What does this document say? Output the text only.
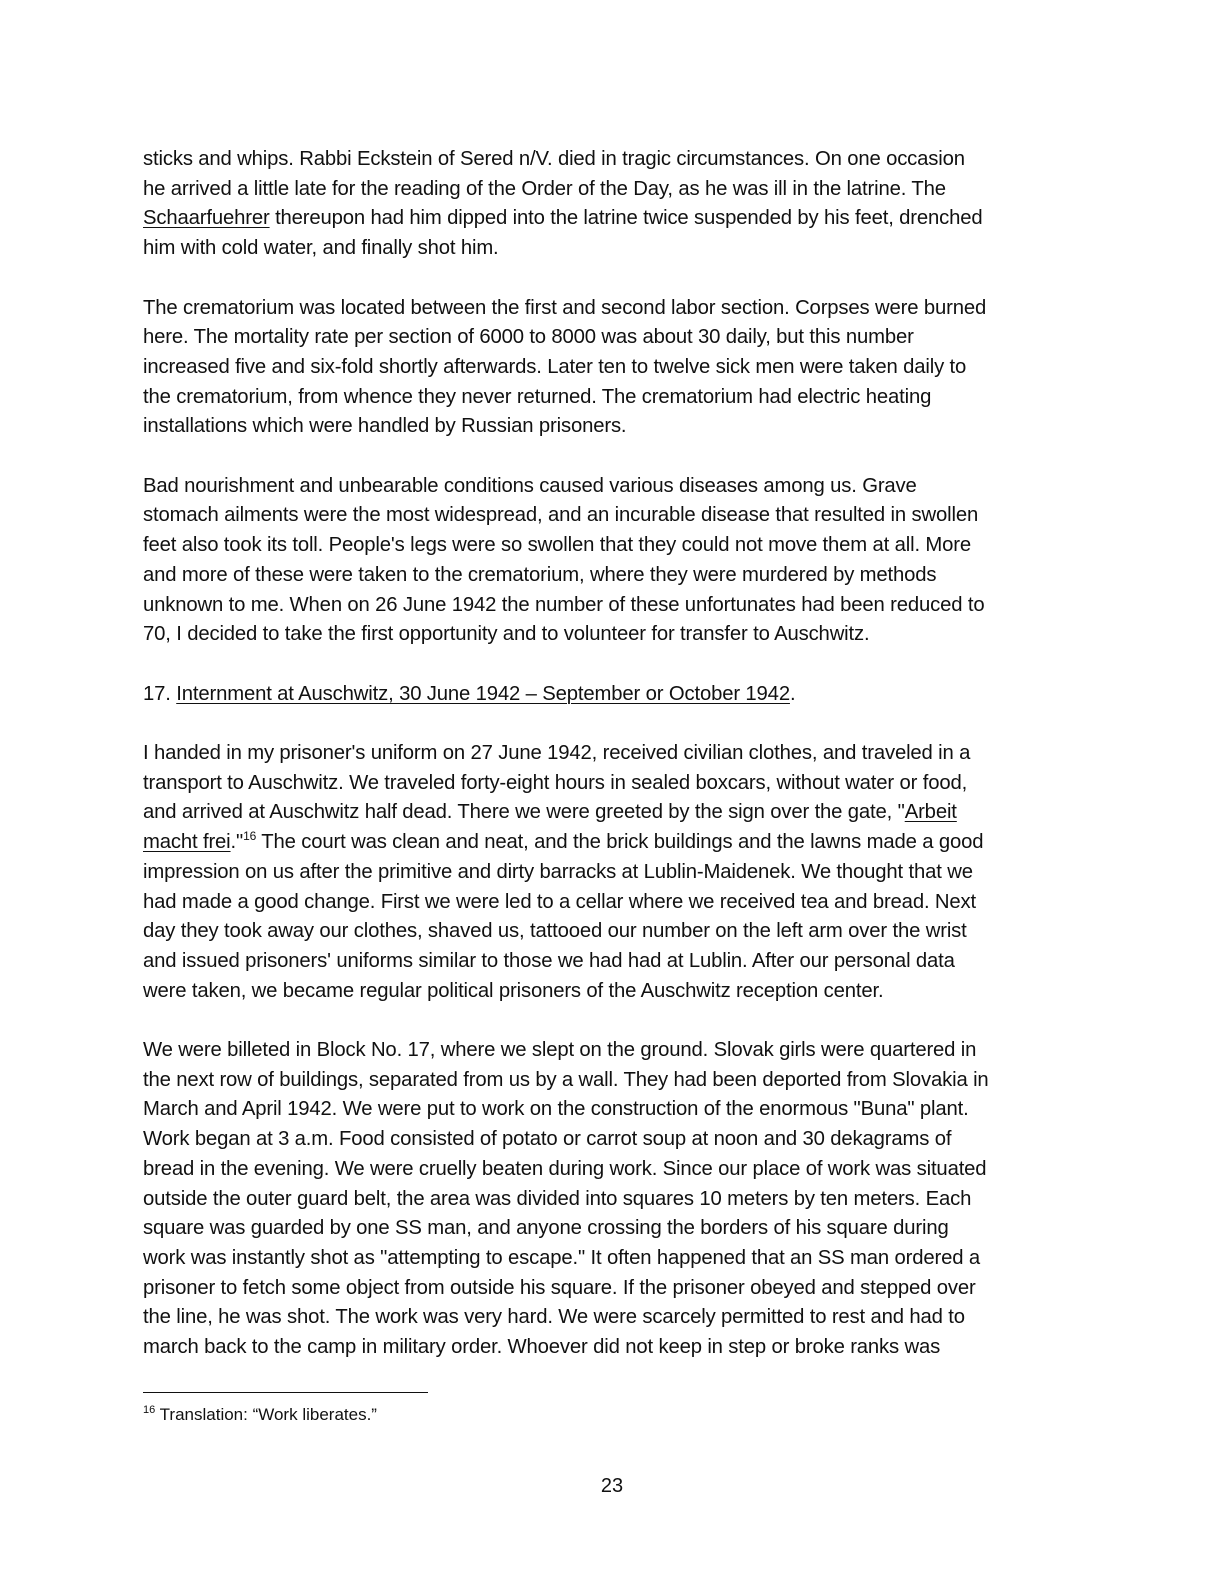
sticks and whips. Rabbi Eckstein of Sered n/V. died in tragic circumstances. On one occasion
he arrived a little late for the reading of the Order of the Day, as he was ill in the latrine. The
Schaarfuehrer thereupon had him dipped into the latrine twice suspended by his feet, drenched
him with cold water, and finally shot him.
The crematorium was located between the first and second labor section. Corpses were burned
here. The mortality rate per section of 6000 to 8000 was about 30 daily, but this number
increased five and six-fold shortly afterwards. Later ten to twelve sick men were taken daily to
the crematorium, from whence they never returned. The crematorium had electric heating
installations which were handled by Russian prisoners.
Bad nourishment and unbearable conditions caused various diseases among us. Grave
stomach ailments were the most widespread, and an incurable disease that resulted in swollen
feet also took its toll. People's legs were so swollen that they could not move them at all. More
and more of these were taken to the crematorium, where they were murdered by methods
unknown to me. When on 26 June 1942 the number of these unfortunates had been reduced to
70, I decided to take the first opportunity and to volunteer for transfer to Auschwitz.
17. Internment at Auschwitz, 30 June 1942 – September or October 1942.
I handed in my prisoner's uniform on 27 June 1942, received civilian clothes, and traveled in a
transport to Auschwitz. We traveled forty-eight hours in sealed boxcars, without water or food,
and arrived at Auschwitz half dead. There we were greeted by the sign over the gate, "Arbeit
macht frei."$^{16}$ The court was clean and neat, and the brick buildings and the lawns made a good
impression on us after the primitive and dirty barracks at Lublin-Maidenek. We thought that we
had made a good change. First we were led to a cellar where we received tea and bread. Next
day they took away our clothes, shaved us, tattooed our number on the left arm over the wrist
and issued prisoners' uniforms similar to those we had had at Lublin. After our personal data
were taken, we became regular political prisoners of the Auschwitz reception center.
We were billeted in Block No. 17, where we slept on the ground. Slovak girls were quartered in
the next row of buildings, separated from us by a wall. They had been deported from Slovakia in
March and April 1942. We were put to work on the construction of the enormous "Buna" plant.
Work began at 3 a.m. Food consisted of potato or carrot soup at noon and 30 dekagrams of
bread in the evening. We were cruelly beaten during work. Since our place of work was situated
outside the outer guard belt, the area was divided into squares 10 meters by ten meters. Each
square was guarded by one SS man, and anyone crossing the borders of his square during
work was instantly shot as "attempting to escape." It often happened that an SS man ordered a
prisoner to fetch some object from outside his square. If the prisoner obeyed and stepped over
the line, he was shot. The work was very hard. We were scarcely permitted to rest and had to
march back to the camp in military order. Whoever did not keep in step or broke ranks was
$^{16}$ Translation: “Work liberates.”
23
